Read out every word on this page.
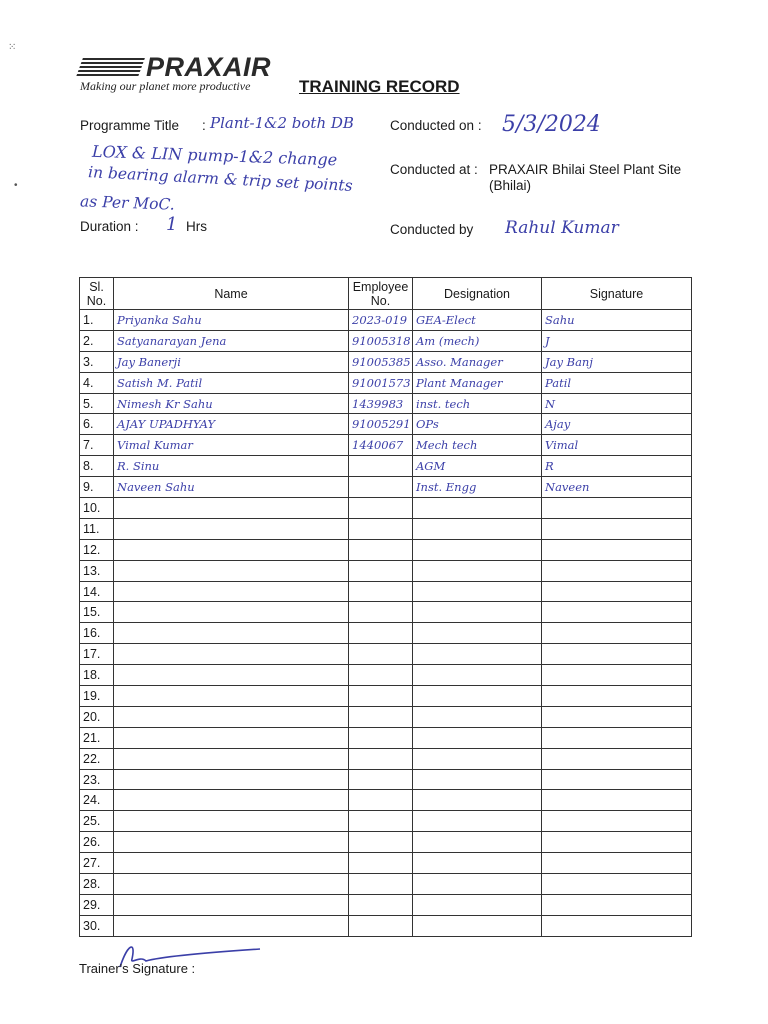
⁙
•
PRAXAIR
Making our planet more productive	TRAINING RECORD
Programme Title : Plant-1&2 both DB
LOX & LIN pump-1&2 change
in bearing alarm & trip set points
as Per MoC.
Duration : 1 Hrs
Conducted on : 5/3/2024
Conducted at : PRAXAIR Bhilai Steel Plant Site
(Bhilai)
Conducted by Rahul Kumar
Sl. No.	Name	Employee No.	Designation	Signature
1.	Priyanka Sahu	2023-019	GEA-Elect	Sahu
2.	Satyanarayan Jena	91005318	Am (mech)	J
3.	Jay Banerji	91005385	Asso. Manager	Jay Banj
4.	Satish M. Patil	91001573	Plant Manager	Patil
5.	Nimesh Kr Sahu	1439983	inst. tech	N
6.	AJAY UPADHYAY	91005291	OPs	Ajay
7.	Vimal Kumar	1440067	Mech tech	Vimal
8.	R. Sinu		AGM	R
9.	Naveen Sahu		Inst. Engg	Naveen
10.				
11.				
12.				
13.				
14.				
15.				
16.				
17.				
18.				
19.				
20.				
21.				
22.				
23.				
24.				
25.				
26.				
27.				
28.				
29.				
30.				
Trainer's Signature :
